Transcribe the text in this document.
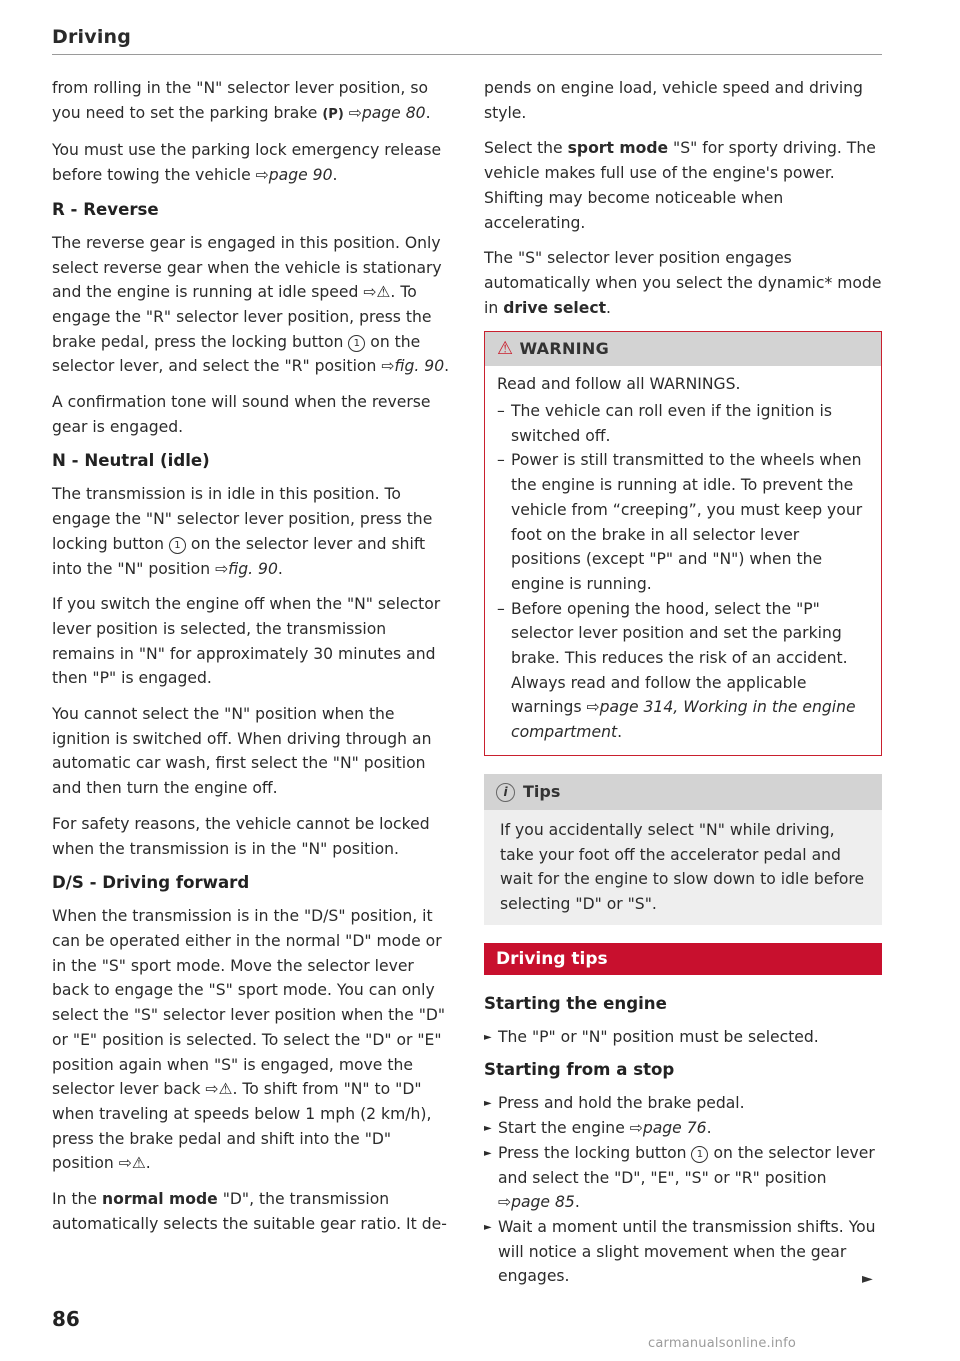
Driving

from rolling in the "N" selector lever position, so you need to set the parking brake (P) ⇨page 80.

You must use the parking lock emergency release before towing the vehicle ⇨page 90.

R - Reverse

The reverse gear is engaged in this position. Only select reverse gear when the vehicle is stationary and the engine is running at idle speed ⇨⚠. To engage the "R" selector lever position, press the brake pedal, press the locking button 1 on the selector lever, and select the "R" position ⇨fig. 90.

A confirmation tone will sound when the reverse gear is engaged.

N - Neutral (idle)

The transmission is in idle in this position. To engage the "N" selector lever position, press the locking button 1 on the selector lever and shift into the "N" position ⇨fig. 90.

If you switch the engine off when the "N" selector lever position is selected, the transmission remains in "N" for approximately 30 minutes and then "P" is engaged.

You cannot select the "N" position when the ignition is switched off. When driving through an automatic car wash, first select the "N" position and then turn the engine off.

For safety reasons, the vehicle cannot be locked when the transmission is in the "N" position.

D/S - Driving forward

When the transmission is in the "D/S" position, it can be operated either in the normal "D" mode or in the "S" sport mode. Move the selector lever back to engage the "S" sport mode. You can only select the "S" selector lever position when the "D" or "E" position is selected. To select the "D" or "E" position again when "S" is engaged, move the selector lever back ⇨⚠. To shift from "N" to "D" when traveling at speeds below 1 mph (2 km/h), press the brake pedal and shift into the "D" position ⇨⚠.

In the normal mode "D", the transmission automatically selects the suitable gear ratio. It de-

pends on engine load, vehicle speed and driving style.

Select the sport mode "S" for sporty driving. The vehicle makes full use of the engine's power. Shifting may become noticeable when accelerating.

The "S" selector lever position engages automatically when you select the dynamic* mode in drive select.

⚠ WARNING

Read and follow all WARNINGS.

– The vehicle can roll even if the ignition is switched off.
– Power is still transmitted to the wheels when the engine is running at idle. To prevent the vehicle from “creeping”, you must keep your foot on the brake in all selector lever positions (except "P" and "N") when the engine is running.
– Before opening the hood, select the "P" selector lever position and set the parking brake. This reduces the risk of an accident. Always read and follow the applicable warnings ⇨page 314, Working in the engine compartment.
i Tips

If you accidentally select "N" while driving, take your foot off the accelerator pedal and wait for the engine to slow down to idle before selecting "D" or "S".

Driving tips
Starting the engine
► The "P" or "N" position must be selected.
Starting from a stop
► Press and hold the brake pedal.
► Start the engine ⇨page 76.
► Press the locking button 1 on the selector lever and select the "D", "E", "S" or "R" position ⇨page 85.
► Wait a moment until the transmission shifts. You will notice a slight movement when the gear engages.	►
86
carmanualsonline.info
